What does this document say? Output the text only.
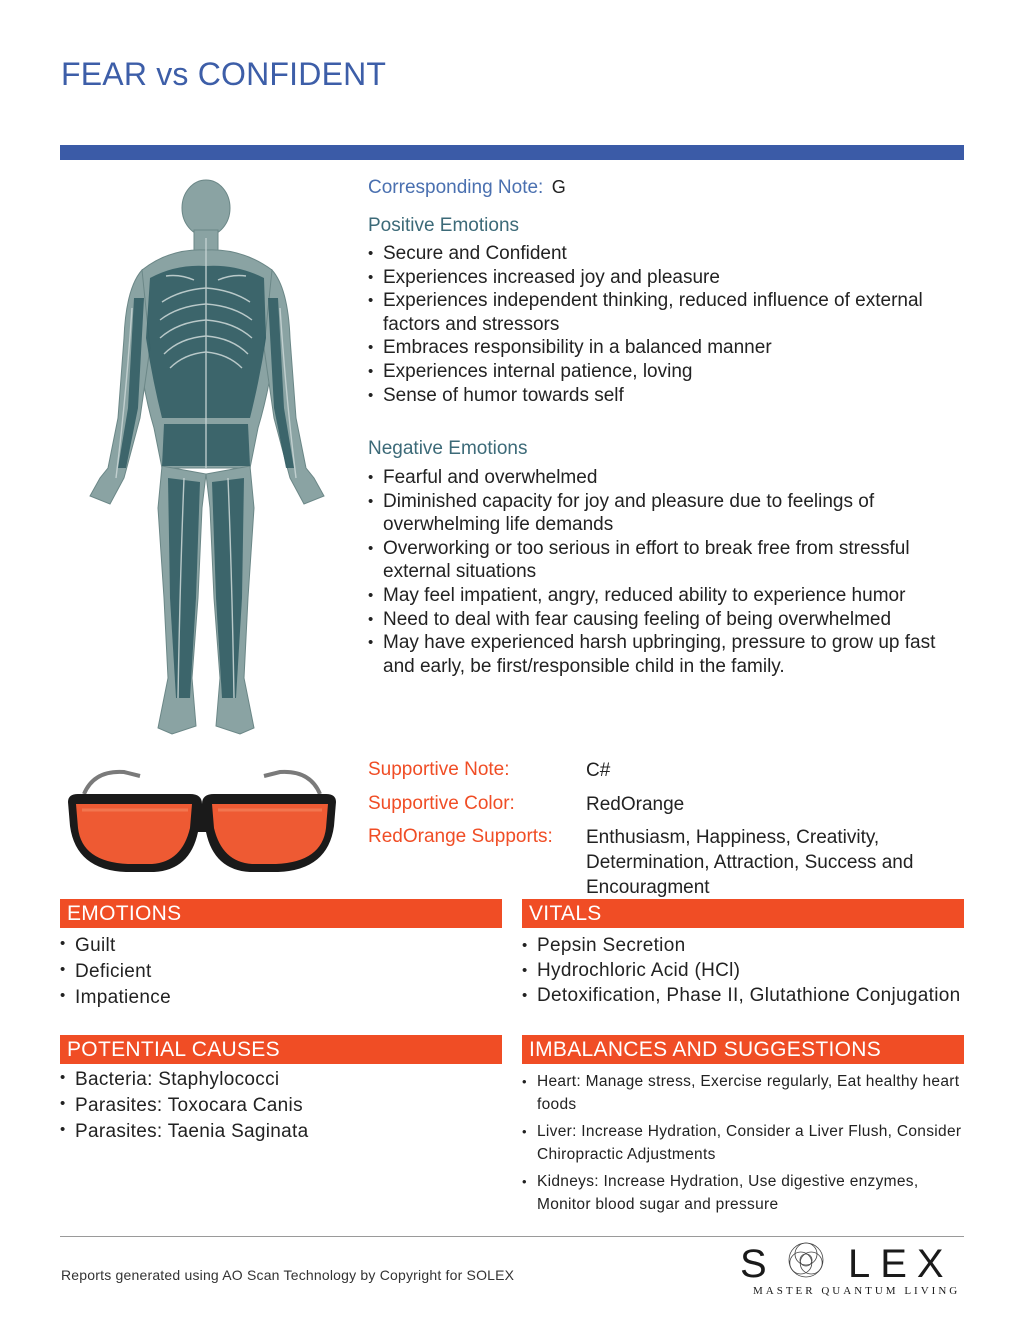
FEAR vs CONFIDENT
Corresponding Note: G
Positive Emotions
• Secure and Confident
• Experiences increased joy and pleasure
• Experiences independent thinking, reduced influence of external factors and stressors
• Embraces responsibility in a balanced manner
• Experiences internal patience, loving
• Sense of humor towards self
Negative Emotions
• Fearful and overwhelmed
• Diminished capacity for joy and pleasure due to feelings of overwhelming life demands
• Overworking or too serious in effort to break free from stressful external situations
• May feel impatient, angry, reduced ability to experience humor
• Need to deal with fear causing feeling of being overwhelmed
• May have experienced harsh upbringing, pressure to grow up fast and early, be first/responsible child in the family.
Supportive Note:	C#
Supportive Color:	RedOrange
RedOrange Supports: Enthusiasm, Happiness, Creativity, Determination, Attraction, Success and Encouragment
EMOTIONS	VITALS
POTENTIAL CAUSES	IMBALANCES AND SUGGESTIONS
• Guilt
• Deficient
• Impatience
• Pepsin Secretion
• Hydrochloric Acid (HCl)
• Detoxification, Phase II, Glutathione Conjugation
• Bacteria: Staphylococci
• Parasites: Toxocara Canis
• Parasites: Taenia Saginata
• Heart: Manage stress, Exercise regularly, Eat healthy heart foods
• Liver: Increase Hydration, Consider a Liver Flush, Consider Chiropractic Adjustments
• Kidneys: Increase Hydration, Use digestive enzymes, Monitor blood sugar and pressure
Reports generated using AO Scan Technology by Copyright for SOLEX	S LEX
MASTER QUANTUM LIVING
